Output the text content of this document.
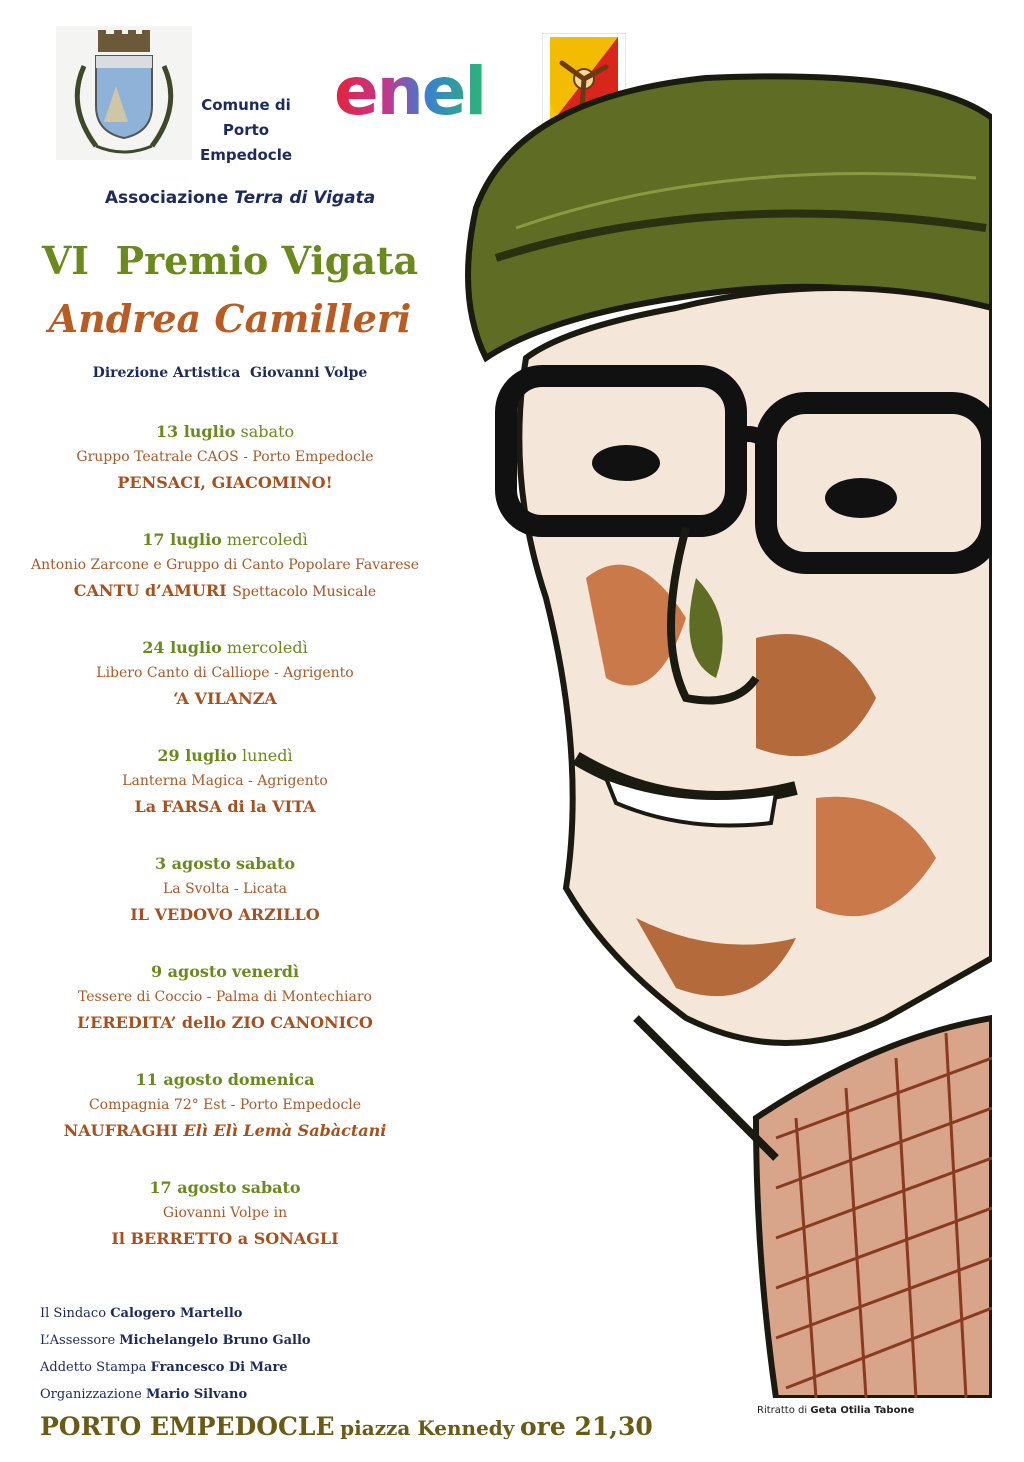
Comune di
Porto Empedocle
enel
Associazione Terra di Vigata
VI  Premio Vigata
Andrea Camilleri
Direzione Artistica  Giovanni Volpe
13 luglio sabato
Gruppo Teatrale CAOS - Porto Empedocle
PENSACI, GIACOMINO!
17 luglio mercoledì
Antonio Zarcone e Gruppo di Canto Popolare Favarese
CANTU d’AMURI Spettacolo Musicale
24 luglio mercoledì
Libero Canto di Calliope - Agrigento
‘A VILANZA
29 luglio lunedì
Lanterna Magica - Agrigento
La FARSA di la VITA
3 agosto sabato
La Svolta - Licata
IL VEDOVO ARZILLO
9 agosto venerdì
Tessere di Coccio - Palma di Montechiaro
L’EREDITA’ dello ZIO CANONICO
11 agosto domenica
Compagnia 72° Est - Porto Empedocle
NAUFRAGHI Elì Elì Lemà Sabàctani
17 agosto sabato
Giovanni Volpe in
Il BERRETTO a SONAGLI
Il Sindaco Calogero Martello
L’Assessore Michelangelo Bruno Gallo
Addetto Stampa Francesco Di Mare
Organizzazione Mario Silvano
PORTO EMPEDOCLE piazza Kennedy ore 21,30
Ritratto di Geta Otilia Tabone
